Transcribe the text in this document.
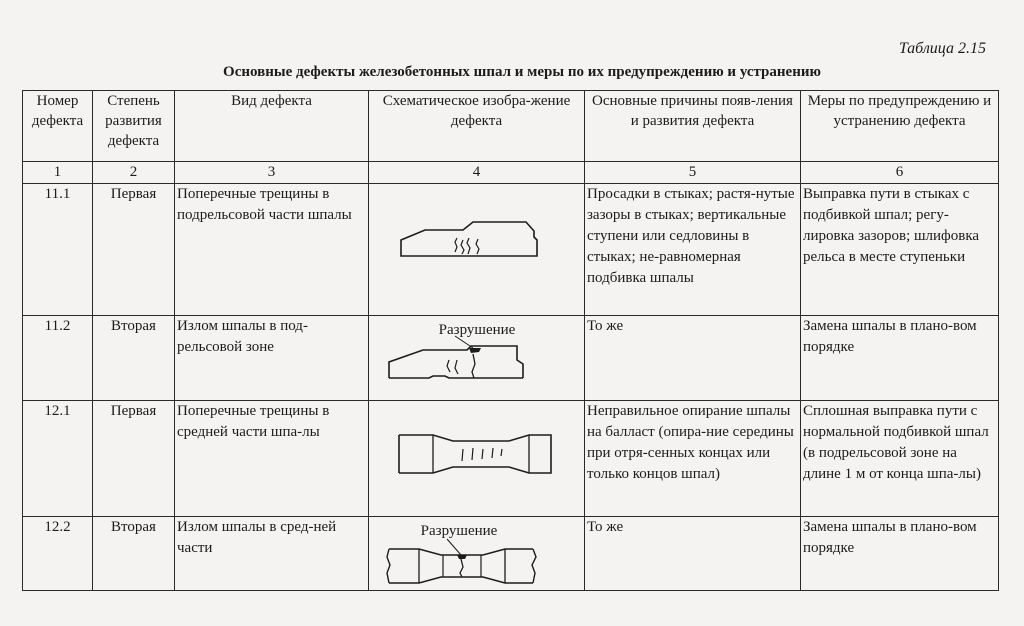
Таблица 2.15
Основные дефекты железобетонных шпал и меры по их предупреждению и устранению
Номер дефекта	Степень развития дефекта	Вид дефекта	Схематическое изобра-жение дефекта	Основные причины появ-ления и развития дефекта	Меры по предупреждению и устранению дефекта
1	2	3	4	5	6
11.1	Первая	Поперечные трещины в подрельсовой части шпалы		Просадки в стыках; растя-нутые зазоры в стыках; вертикальные ступени или седловины в стыках; не-равномерная подбивка шпалы	Выправка пути в стыках с подбивкой шпал; регу-лировка зазоров; шлифовка рельса в месте ступеньки
11.2	Вторая	Излом шпалы в под-рельсовой зоне	Разрушение	То же	Замена шпалы в плано-вом порядке
12.1	Первая	Поперечные трещины в средней части шпа-лы		Неправильное опирание шпалы на балласт (опира-ние середины при отря-сенных концах или только концов шпал)	Сплошная выправка пути с нормальной подбивкой шпал (в подрельсовой зоне на длине 1 м от конца шпа-лы)
12.2	Вторая	Излом шпалы в сред-ней части	Разрушение	То же	Замена шпалы в плано-вом порядке
